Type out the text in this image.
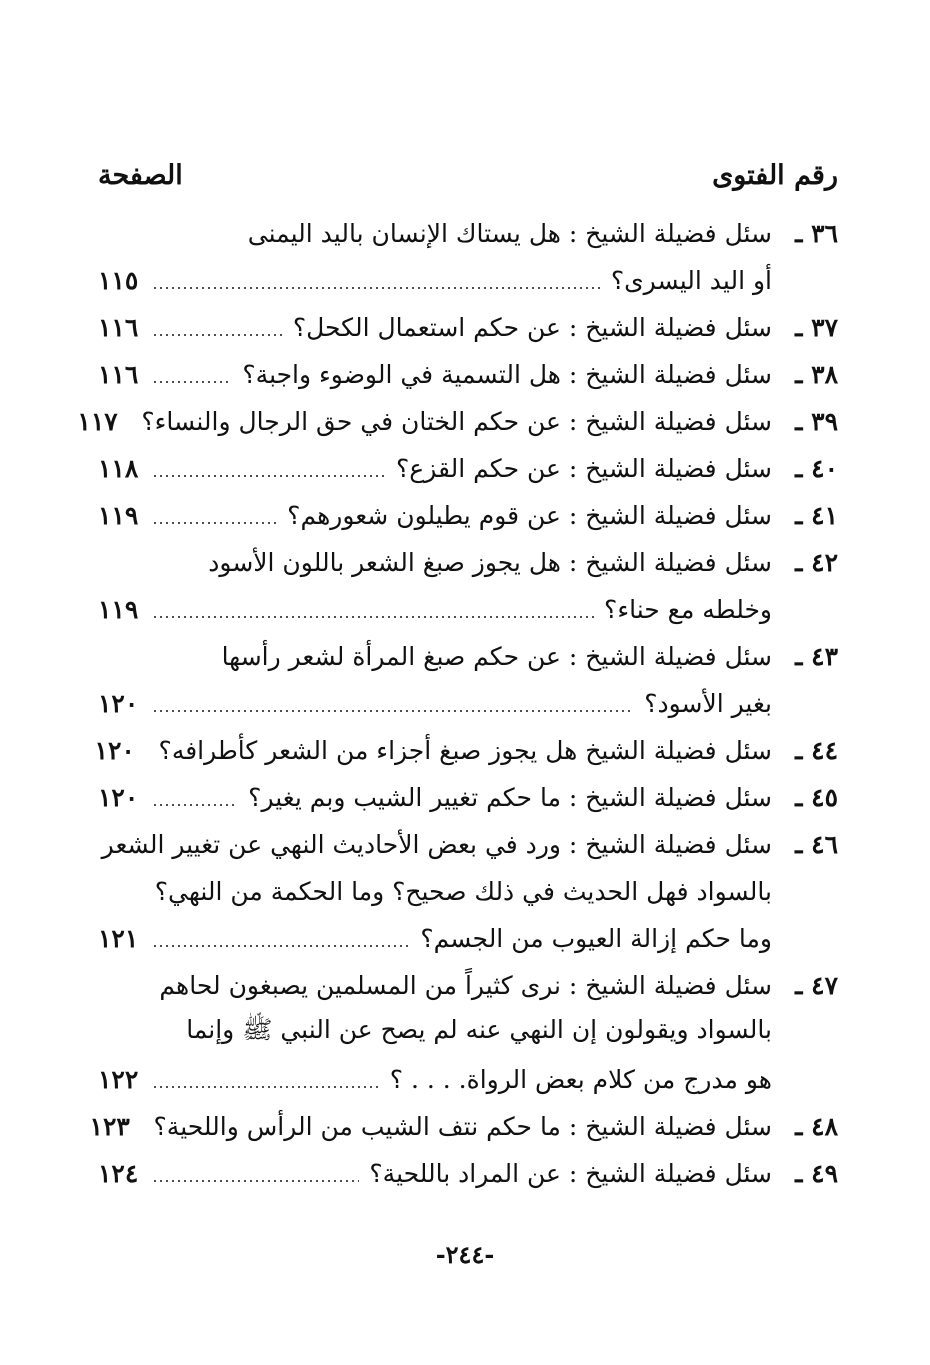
رقم الفتوى
الصفحة
٣٦ ـ
سئل فضيلة الشيخ : هل يستاك الإنسان باليد اليمنى
أو اليد اليسرى؟
١١٥
٣٧ ـ
سئل فضيلة الشيخ : عن حكم استعمال الكحل؟
١١٦
٣٨ ـ
سئل فضيلة الشيخ : هل التسمية في الوضوء واجبة؟
١١٦
٣٩ ـ
سئل فضيلة الشيخ : عن حكم الختان في حق الرجال والنساء؟
١١٧
٤٠ ـ
سئل فضيلة الشيخ : عن حكم القزع؟
١١٨
٤١ ـ
سئل فضيلة الشيخ : عن قوم يطيلون شعورهم؟
١١٩
٤٢ ـ
سئل فضيلة الشيخ : هل يجوز صبغ الشعر باللون الأسود
وخلطه مع حناء؟
١١٩
٤٣ ـ
سئل فضيلة الشيخ : عن حكم صبغ المرأة لشعر رأسها
بغير الأسود؟
١٢٠
٤٤ ـ
سئل فضيلة الشيخ هل يجوز صبغ أجزاء من الشعر كأطرافه؟
١٢٠
٤٥ ـ
سئل فضيلة الشيخ : ما حكم تغيير الشيب وبم يغير؟
١٢٠
٤٦ ـ
سئل فضيلة الشيخ : ورد في بعض الأحاديث النهي عن تغيير الشعر
بالسواد فهل الحديث في ذلك صحيح؟ وما الحكمة من النهي؟
وما حكم إزالة العيوب من الجسم؟
١٢١
٤٧ ـ
سئل فضيلة الشيخ : نرى كثيراً من المسلمين يصبغون لحاهم
بالسواد ويقولون إن النهي عنه لم يصح عن النبي ﷺ وإنما
هو مدرج من كلام بعض الرواة. . . . ؟
١٢٢
٤٨ ـ
سئل فضيلة الشيخ : ما حكم نتف الشيب من الرأس واللحية؟
١٢٣
٤٩ ـ
سئل فضيلة الشيخ : عن المراد باللحية؟
١٢٤
-٢٤٤-
